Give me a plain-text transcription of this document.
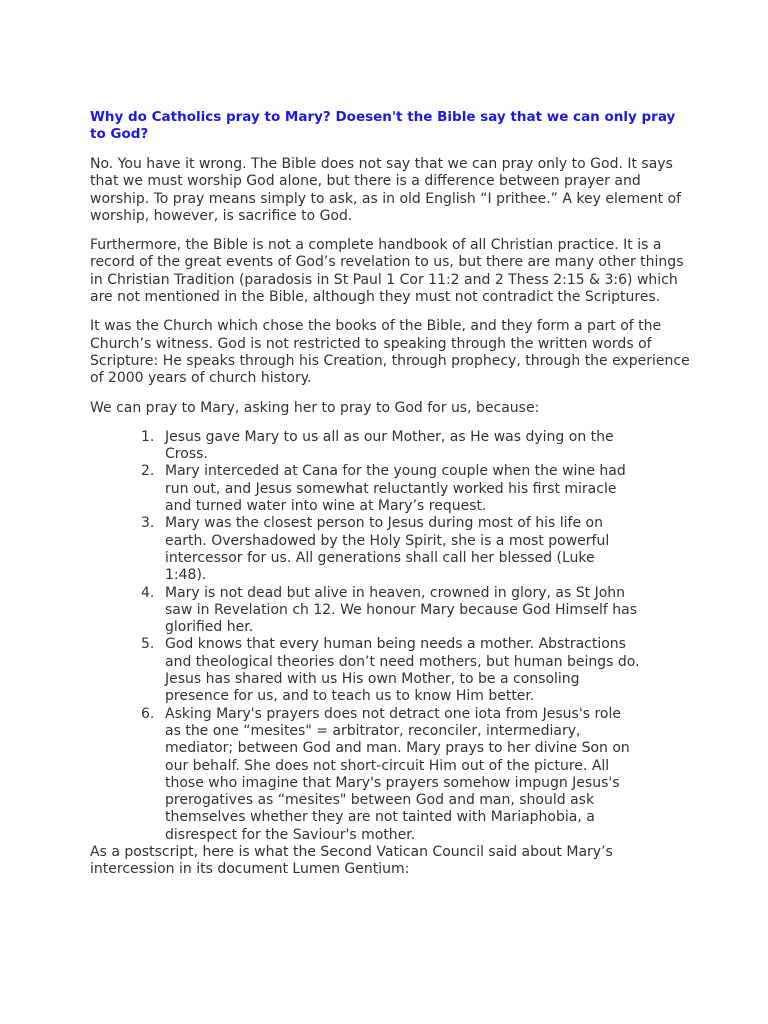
Why do Catholics pray to Mary? Doesen't the Bible say that we can only pray to God?
No. You have it wrong. The Bible does not say that we can pray only to God. It says that we must worship God alone, but there is a difference between prayer and worship. To pray means simply to ask, as in old English “I prithee.” A key element of worship, however, is sacrifice to God.
Furthermore, the Bible is not a complete handbook of all Christian practice. It is a record of the great events of God’s revelation to us, but there are many other things in Christian Tradition (paradosis in St Paul 1 Cor 11:2 and 2 Thess 2:15 & 3:6) which are not mentioned in the Bible, although they must not contradict the Scriptures.
It was the Church which chose the books of the Bible, and they form a part of the Church’s witness. God is not restricted to speaking through the written words of Scripture: He speaks through his Creation, through prophecy, through the experience of 2000 years of church history.
We can pray to Mary, asking her to pray to God for us, because:
1. Jesus gave Mary to us all as our Mother, as He was dying on the Cross.
2. Mary interceded at Cana for the young couple when the wine had run out, and Jesus somewhat reluctantly worked his first miracle and turned water into wine at Mary’s request.
3. Mary was the closest person to Jesus during most of his life on earth. Overshadowed by the Holy Spirit, she is a most powerful intercessor for us. All generations shall call her blessed (Luke 1:48).
4. Mary is not dead but alive in heaven, crowned in glory, as St John saw in Revelation ch 12. We honour Mary because God Himself has glorified her.
5. God knows that every human being needs a mother. Abstractions and theological theories don’t need mothers, but human beings do. Jesus has shared with us His own Mother, to be a consoling presence for us, and to teach us to know Him better.
6. Asking Mary's prayers does not detract one iota from Jesus's role as the one “mesites" = arbitrator, reconciler, intermediary, mediator; between God and man. Mary prays to her divine Son on our behalf. She does not short-circuit Him out of the picture. All those who imagine that Mary's prayers somehow impugn Jesus's prerogatives as “mesites" between God and man, should ask themselves whether they are not tainted with Mariaphobia, a disrespect for the Saviour's mother.
As a postscript, here is what the Second Vatican Council said about Mary’s intercession in its document Lumen Gentium:
